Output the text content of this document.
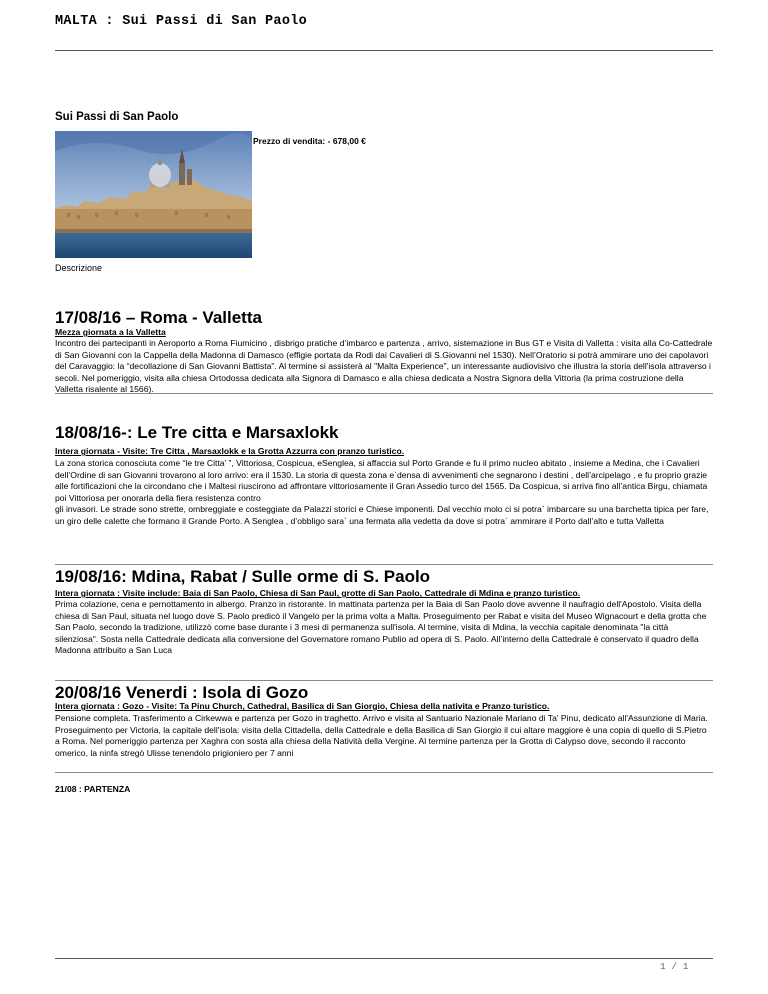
MALTA : Sui Passi di San Paolo
Sui Passi di San Paolo
Prezzo di vendita: - 678,00 €
Descrizione
17/08/16 – Roma - Valletta
Mezza giornata a la Valletta

Incontro dei partecipanti in Aeroporto a Roma Fiumicino , disbrigo pratiche d’imbarco e partenza , arrivo, sistemazione in Bus GT e Visita di Valletta : visita alla Co-Cattedrale di San Giovanni con la Cappella della Madonna di Damasco (effigie portata da Rodi dai Cavalieri di S.Giovanni nel 1530). Nell’Oratorio si potrà ammirare uno dei capolavori del Caravaggio: la “decollazione di San Giovanni Battista”. Al termine si assisterà al "Malta Experience", un interessante audiovisivo che illustra la storia dell'isola attraverso i secoli. Nel pomeriggio, visita alla chiesa Ortodossa dedicata alla Signora di Damasco e alla chiesa dedicata a Nostra Signora della Vittoria (la prima costruzione della Valletta risalente al 1566).

18/08/16-: Le Tre citta e Marsaxlokk
Intera giornata - Visite: Tre Citta , Marsaxlokk e la Grotta Azzurra con pranzo turistico.

La zona storica conosciuta come “le tre Citta’ ”, Vittoriosa, Cospicua, eSenglea, si affaccia sul Porto Grande e fu il primo nucleo abitato , insieme a Medina, che i Cavalieri dell’Ordine di san Giovanni trovarono al loro arrivo: era il 1530. La storia di questa zona e`densa di avvenimenti che segnarono i destini , dell’arcipelago , e fu proprio grazie alle fortificazioni che la circondano che i Maltesi riuscirono ad affrontare vittoriosamente il Gran Assedio turco del 1565. Da Cospicua, si arriva fino all’antica Birgu, chiamata poi Vittoriosa per onorarla della fiera resistenza contro
gli invasori. Le strade sono strette, ombreggiate e costeggiate da Palazzi storici e Chiese imponenti. Dal vecchio molo ci si potra` imbarcare su una barchetta tipica per fare, un giro delle calette che formano il Grande Porto. A Senglea , d’obbligo sara` una fermata alla vedetta da dove si potra` ammirare il Porto dall’alto e tutta Valletta

19/08/16: Mdina, Rabat / Sulle orme di S. Paolo
Intera giornata : Visite include: Baia di San Paolo, Chiesa di San Paul, grotte di San Paolo, Cattedrale di Mdina e pranzo turistico.

Prima colazione, cena e pernottamento in albergo. Pranzo in ristorante. In mattinata partenza per la Baia di San Paolo dove avvenne il naufragio dell'Apostolo. Visita della chiesa di San Paul, situata nel luogo dove S. Paolo predicò il Vangelo per la prima volta a Malta. Proseguimento per Rabat e visita del Museo Wignacourt e della grotta che San Paolo, secondo la tradizione, utilizzò come base durante i 3 mesi di permanenza sull'isola. Al termine, visita di Mdina, la vecchia capitale denominata "la città silenziosa". Sosta nella Cattedrale dedicata alla conversione del Governatore romano Publio ad opera di S. Paolo. All’interno della Cattedrale è conservato il quadro della Madonna attribuito a San Luca

20/08/16 Venerdi : Isola di Gozo
Intera giornata : Gozo - Visite: Ta Pinu Church, Cathedral, Basilica di San Giorgio, Chiesa della nativita e Pranzo turistico.

Pensione completa. Trasferimento a Cirkewwa e partenza per Gozo in traghetto. Arrivo e visita al Santuario Nazionale Mariano di Ta' Pinu, dedicato all'Assunzione di Maria. Proseguimento per Victoria, la capitale dell'isola: visita della Cittadella, della Cattedrale e della Basilica di San Giorgio il cui altare maggiore è una copia di quello di S.Pietro a Roma. Nel pomeriggio partenza per Xaghra con sosta alla chiesa della Natività della Vergine. Al termine partenza per la Grotta di Calypso dove, secondo il racconto omerico, la ninfa stregò Ulisse tenendolo prigioniero per 7 anni

21/08 : PARTENZA
1 / 1
